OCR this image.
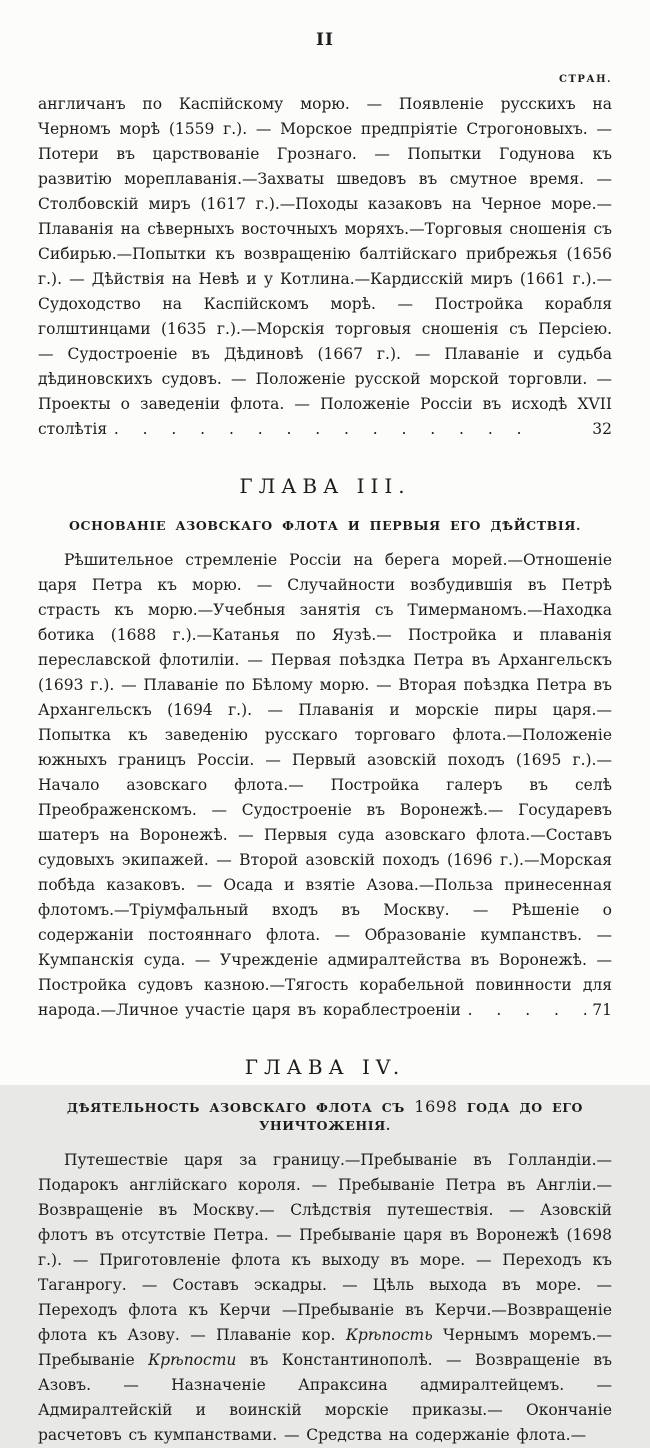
II
СТРАН.

англичанъ по Каспійскому морю. — Появленіе русскихъ на Черномъ морѣ (1559 г.). — Морское предпріятіе Строгоновыхъ. — Потери въ царствованіе Грознаго. — Попытки Годунова къ развитію мореплаванія.—Захваты шведовъ въ смутное время. — Столбовскій миръ (1617 г.).—Походы казаковъ на Черное море.—Плаванія на сѣверныхъ восточныхъ моряхъ.—Торговыя сношенія съ Сибирью.—Попытки къ возвращенію балтійскаго прибрежья (1656 г.). — Дѣйствія на Невѣ и у Котлина.—Кардисскій миръ (1661 г.).— Судоходство на Каспійскомъ морѣ. — Постройка корабля голштинцами (1635 г.).—Морскія торговыя сношенія съ Персіею. — Судостроеніе въ Дѣдиновѣ (1667 г.). — Плаваніе и судьба дѣдиновскихъ судовъ. — Положеніе русской морской торговли. — Проекты о заведеніи флота. — Положеніе Россіи въ исходѣ XVII столѣтія . . . . . . . . . . . . . . .	32

ГЛАВА III.
ОСНОВАНІЕ АЗОВСКАГО ФЛОТА И ПЕРВЫЯ ЕГО ДѢЙСТВІЯ.

Рѣшительное стремленіе Россіи на берега морей.—Отношеніе царя Петра къ морю. — Случайности возбудившія въ Петрѣ страсть къ морю.—Учебныя занятія съ Тимерманомъ.—Находка ботика (1688 г.).—Катанья по Яузѣ.— Постройка и плаванія переславской флотиліи. — Первая поѣздка Петра въ Архангельскъ (1693 г.). — Плаваніе по Бѣлому морю. — Вторая поѣздка Петра въ Архангельскъ (1694 г.). — Плаванія и морскіе пиры царя.—Попытка къ заведенію русскаго торговаго флота.—Положеніе южныхъ границъ Россіи. — Первый азовскій походъ (1695 г.).—Начало азовскаго флота.— Постройка галеръ въ селѣ Преображенскомъ. — Судостроеніе въ Воронежѣ.— Государевъ шатеръ на Воронежѣ. — Первыя суда азовскаго флота.—Составъ судовыхъ экипажей. — Второй азовскій походъ (1696 г.).—Морская побѣда казаковъ. — Осада и взятіе Азова.—Польза принесенная флотомъ.—Тріумфальный входъ въ Москву. — Рѣшеніе о содержаніи постояннаго флота. — Образованіе кумпанствъ. — Кумпанскія суда. — Учрежденіе адмиралтейства въ Воронежѣ. — Постройка судовъ казною.—Тягость корабельной повинности для народа.—Личное участіе царя въ кораблестроеніи . . . . .
71

ГЛАВА IV.
ДѢЯТЕЛЬНОСТЬ АЗОВСКАГО ФЛОТА СЪ 1698 ГОДА ДО ЕГО УНИЧТОЖЕНІЯ.

Путешествіе царя за границу.—Пребываніе въ Голландіи.—Подарокъ англійскаго короля. — Пребываніе Петра въ Англіи.—Возвращеніе въ Москву.— Слѣдствія путешествія. — Азовскій флотъ въ отсутствіе Петра. — Пребываніе царя въ Воронежѣ (1698 г.). — Приготовленіе флота къ выходу въ море. — Переходъ къ Таганрогу. — Составъ эскадры. — Цѣль выхода въ море. — Переходъ флота къ Керчи —Пребываніе въ Керчи.—Возвращеніе флота къ Азову. — Плаваніе кор. Крѣпость Чернымъ моремъ.—Пребываніе Крѣпости въ Константинополѣ. — Возвращеніе въ Азовъ. — Назначеніе Апраксина адмиралтейцемъ. — Адмиралтейскій и воинскій морскіе приказы.— Окончаніе расчетовъ съ кумпанствами. — Средства на содержаніе флота.—
